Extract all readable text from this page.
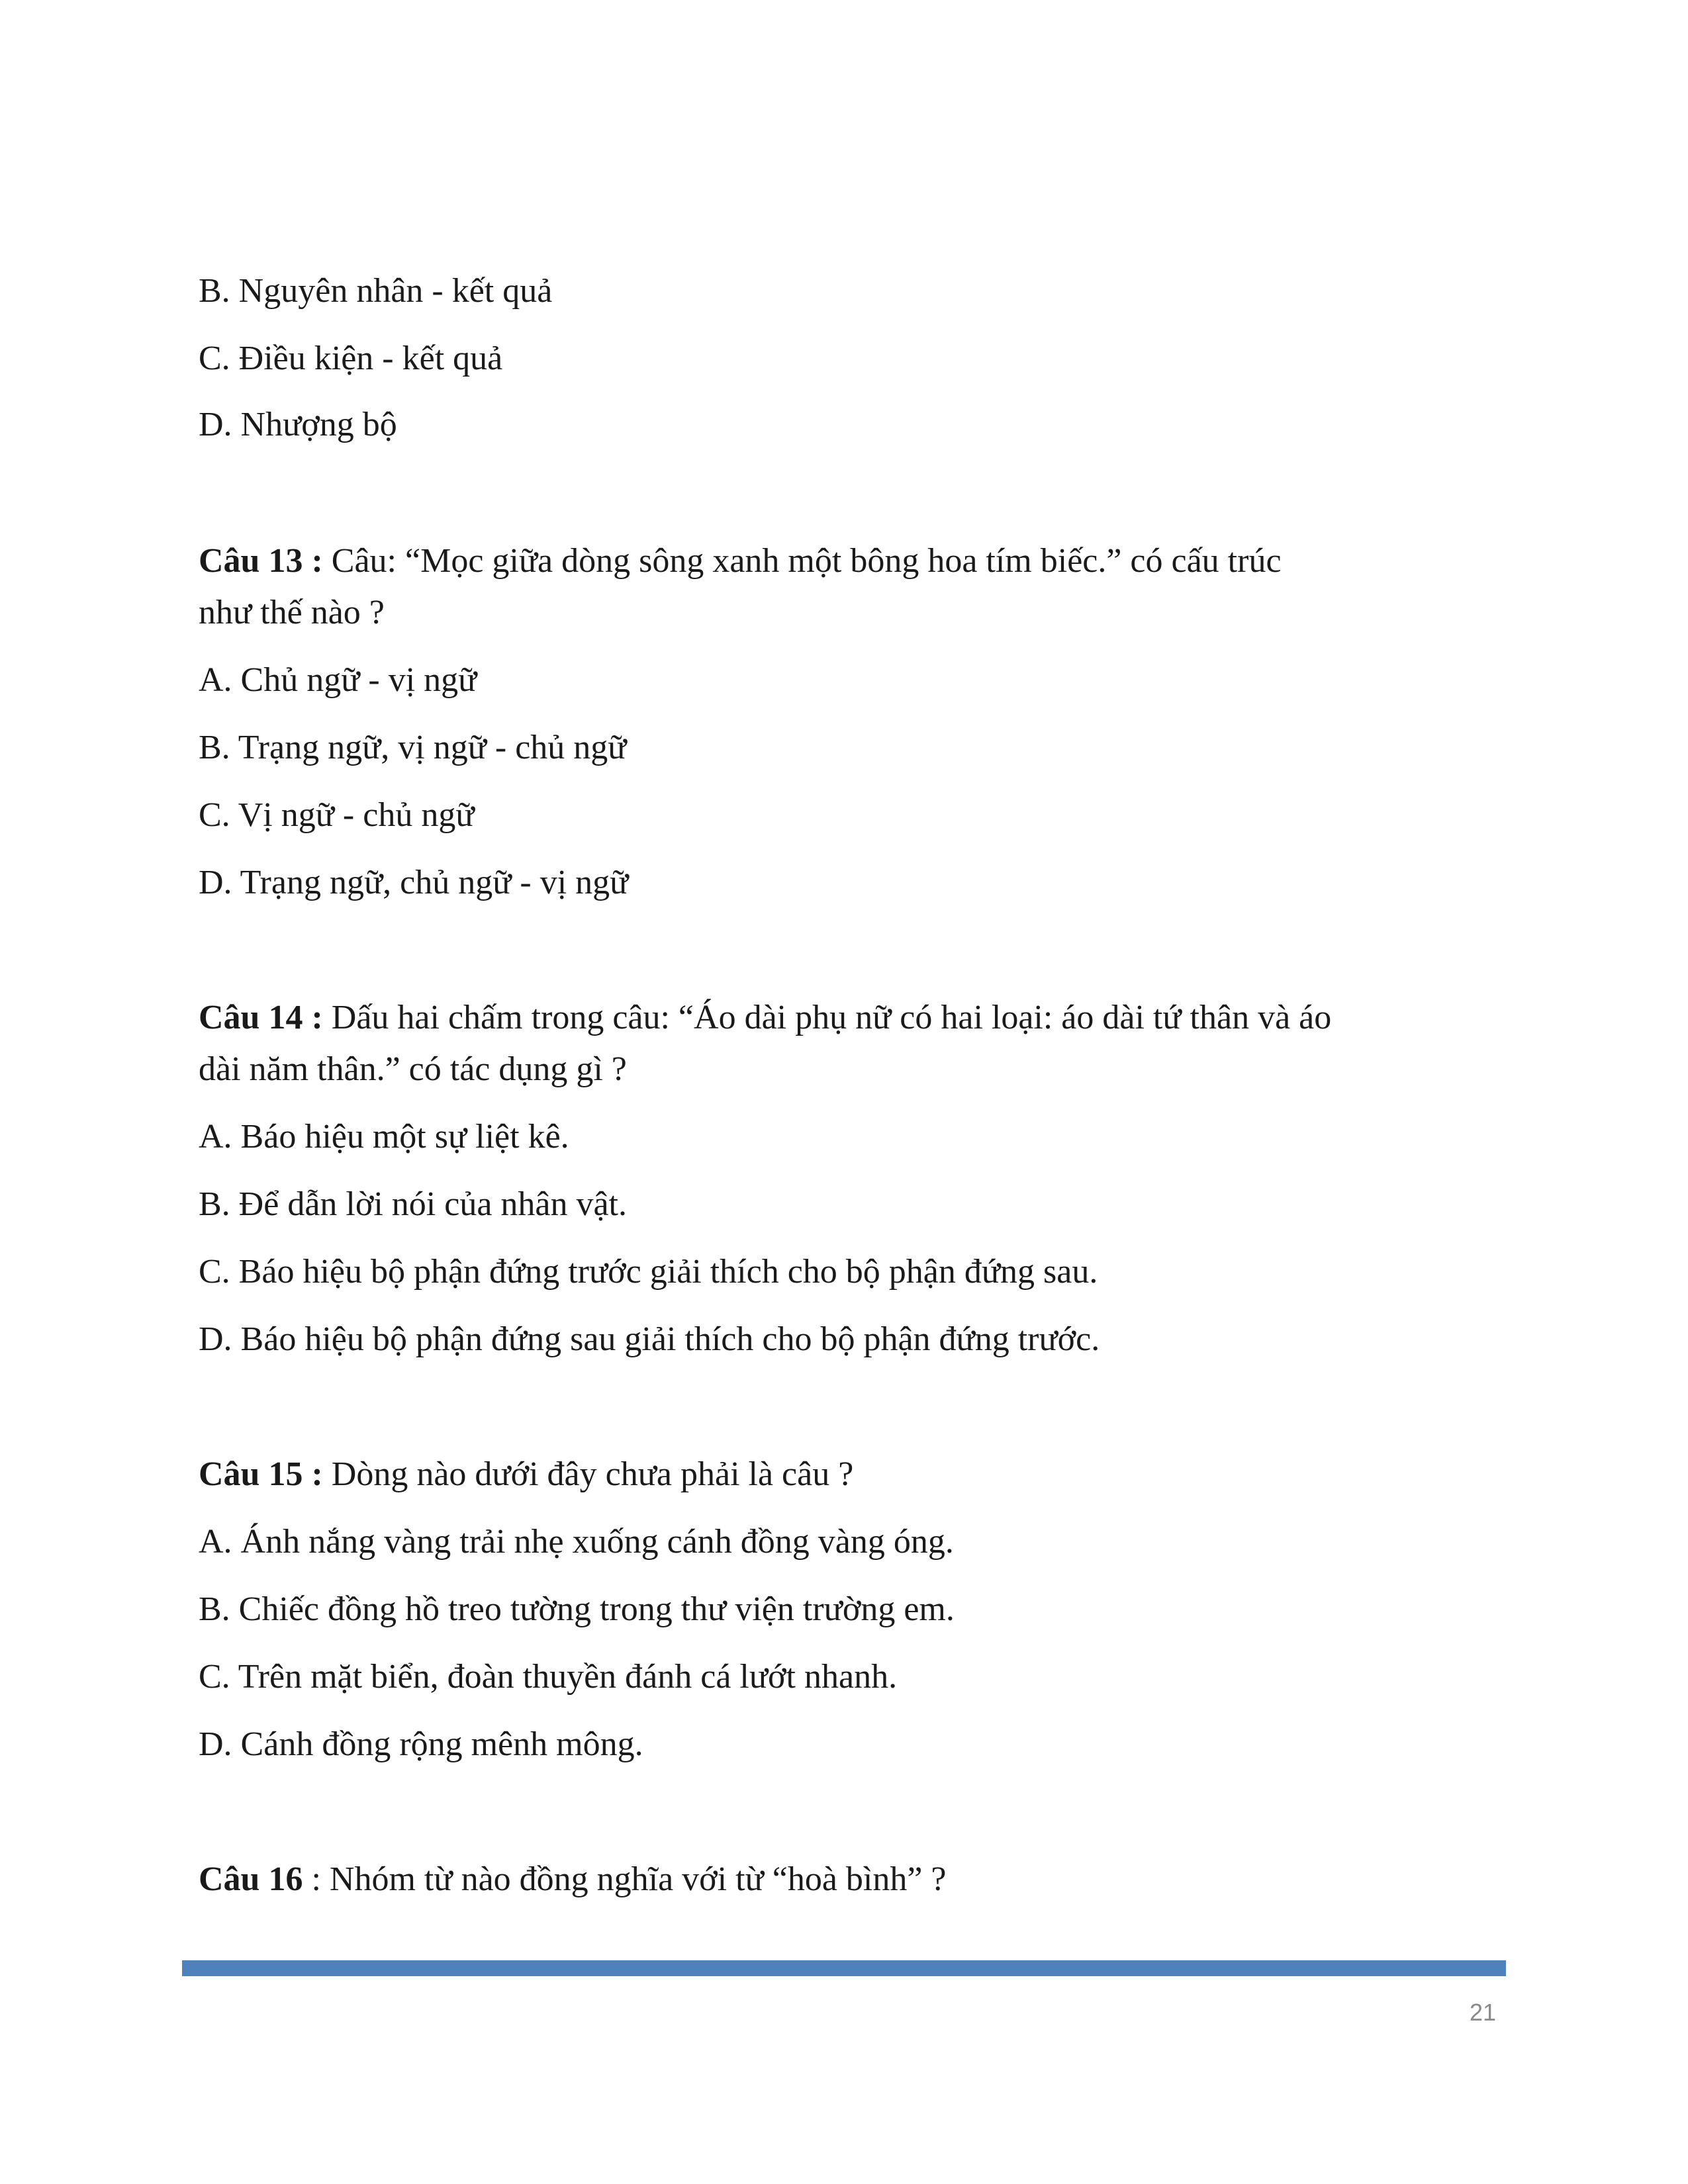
B. Nguyên nhân - kết quả
C. Điều kiện - kết quả
D. Nhượng bộ
Câu 13 : Câu: “Mọc giữa dòng sông xanh một bông hoa tím biếc.” có cấu trúc
như thế nào ?
A. Chủ ngữ - vị ngữ
B. Trạng ngữ, vị ngữ - chủ ngữ
C. Vị ngữ - chủ ngữ
D. Trạng ngữ, chủ ngữ - vị ngữ
Câu 14 : Dấu hai chấm trong câu: “Áo dài phụ nữ có hai loại: áo dài tứ thân và áo
dài năm thân.” có tác dụng gì ?
A. Báo hiệu một sự liệt kê.
B. Để dẫn lời nói của nhân vật.
C. Báo hiệu bộ phận đứng trước giải thích cho bộ phận đứng sau.
D. Báo hiệu bộ phận đứng sau giải thích cho bộ phận đứng trước.
Câu 15 : Dòng nào dưới đây chưa phải là câu ?
A. Ánh nắng vàng trải nhẹ xuống cánh đồng vàng óng.
B. Chiếc đồng hồ treo tường trong thư viện trường em.
C. Trên mặt biển, đoàn thuyền đánh cá lướt nhanh.
D. Cánh đồng rộng mênh mông.
Câu 16 : Nhóm từ nào đồng nghĩa với từ “hoà bình” ?
21
